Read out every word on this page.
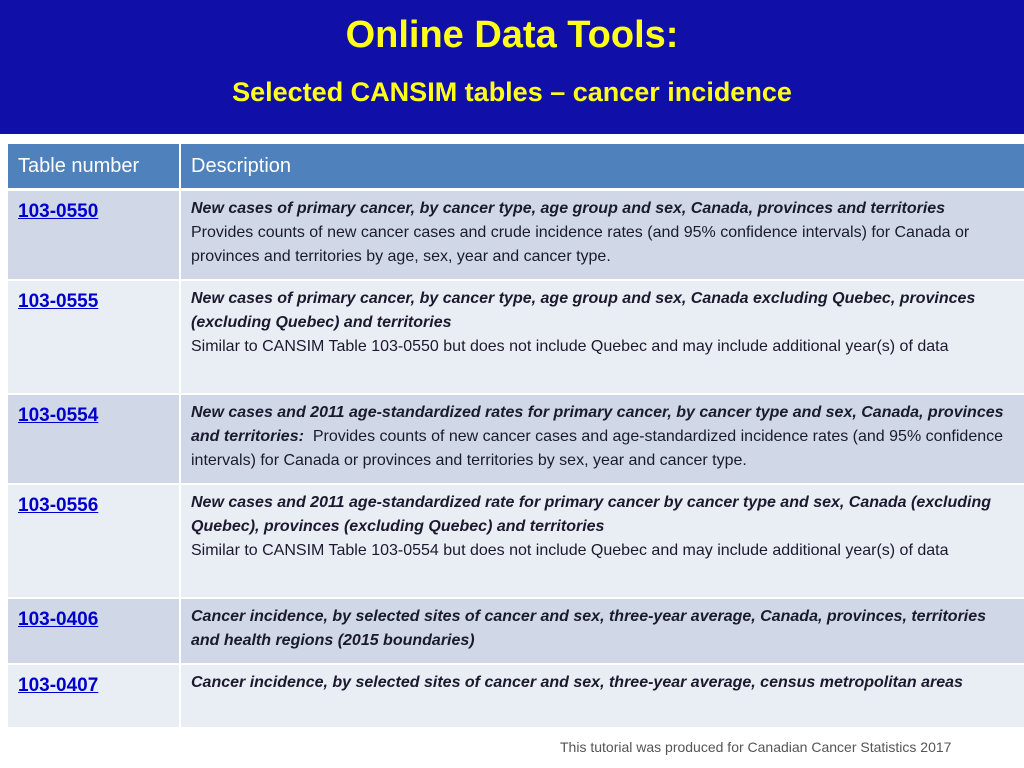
Online Data Tools:
Selected CANSIM tables – cancer incidence
Table number	Description
103-0550	New cases of primary cancer, by cancer type, age group and sex, Canada, provinces and territories
Provides counts of new cancer cases and crude incidence rates (and 95% confidence intervals) for Canada or provinces and territories by age, sex, year and cancer type.
103-0555	New cases of primary cancer, by cancer type, age group and sex, Canada excluding Quebec, provinces (excluding Quebec) and territories
Similar to CANSIM Table 103-0550 but does not include Quebec and may include additional year(s) of data
103-0554	New cases and 2011 age-standardized rates for primary cancer, by cancer type and sex, Canada, provinces and territories: Provides counts of new cancer cases and age-standardized incidence rates (and 95% confidence intervals) for Canada or provinces and territories by sex, year and cancer type.
103-0556	New cases and 2011 age-standardized rate for primary cancer by cancer type and sex, Canada (excluding Quebec), provinces (excluding Quebec) and territories
Similar to CANSIM Table 103-0554 but does not include Quebec and may include additional year(s) of data
103-0406	Cancer incidence, by selected sites of cancer and sex, three-year average, Canada, provinces, territories and health regions (2015 boundaries)
103-0407	Cancer incidence, by selected sites of cancer and sex, three-year average, census metropolitan areas
This tutorial was produced for Canadian Cancer Statistics 2017
